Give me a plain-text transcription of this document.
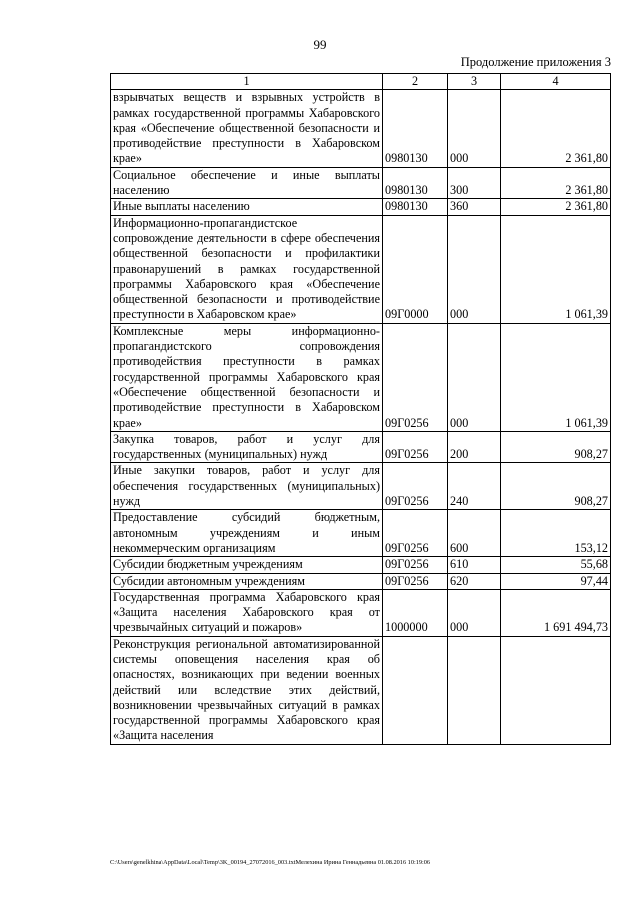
99
Продолжение приложения 3
1	2	3	4
взрывчатых веществ и взрывных устройств в рамках государственной программы Хабаровского края «Обеспечение общественной безопасности и противодействие преступности в Хабаровском крае»	0980130	000	2 361,80
Социальное обеспечение и иные выплаты населению	0980130	300	2 361,80
Иные выплаты населению	0980130	360	2 361,80
Информационно-пропагандистское сопровождение деятельности в сфере обеспечения общественной безопасности и профилактики правонарушений в рамках государственной программы Хабаровского края «Обеспечение общественной безопасности и противодействие преступности в Хабаровском крае»	09Г0000	000	1 061,39
Комплексные меры информационно-пропагандистского сопровождения противодействия преступности в рамках государственной программы Хабаровского края «Обеспечение общественной безопасности и противодействие преступности в Хабаровском крае»	09Г0256	000	1 061,39
Закупка товаров, работ и услуг для государственных (муниципальных) нужд	09Г0256	200	908,27
Иные закупки товаров, работ и услуг для обеспечения государственных (муниципальных) нужд	09Г0256	240	908,27
Предоставление субсидий бюджетным, автономным учреждениям и иным некоммерческим организациям	09Г0256	600	153,12
Субсидии бюджетным учреждениям	09Г0256	610	55,68
Субсидии автономным учреждениям	09Г0256	620	97,44
Государственная программа Хабаровского края «Защита населения Хабаровского края от чрезвычайных ситуаций и пожаров»	1000000	000	1 691 494,73
Реконструкция региональной автоматизированной системы оповещения населения края об опасностях, возникающих при ведении военных действий или вследствие этих действий, возникновении чрезвычайных ситуаций в рамках государственной программы Хабаровского края «Защита населения			
C:\Users\genelkhina\AppData\Local\Temp\3K_00194_27072016_003.txtМелехина Ирина Геннадьевна 01.08.2016 10:19:06
